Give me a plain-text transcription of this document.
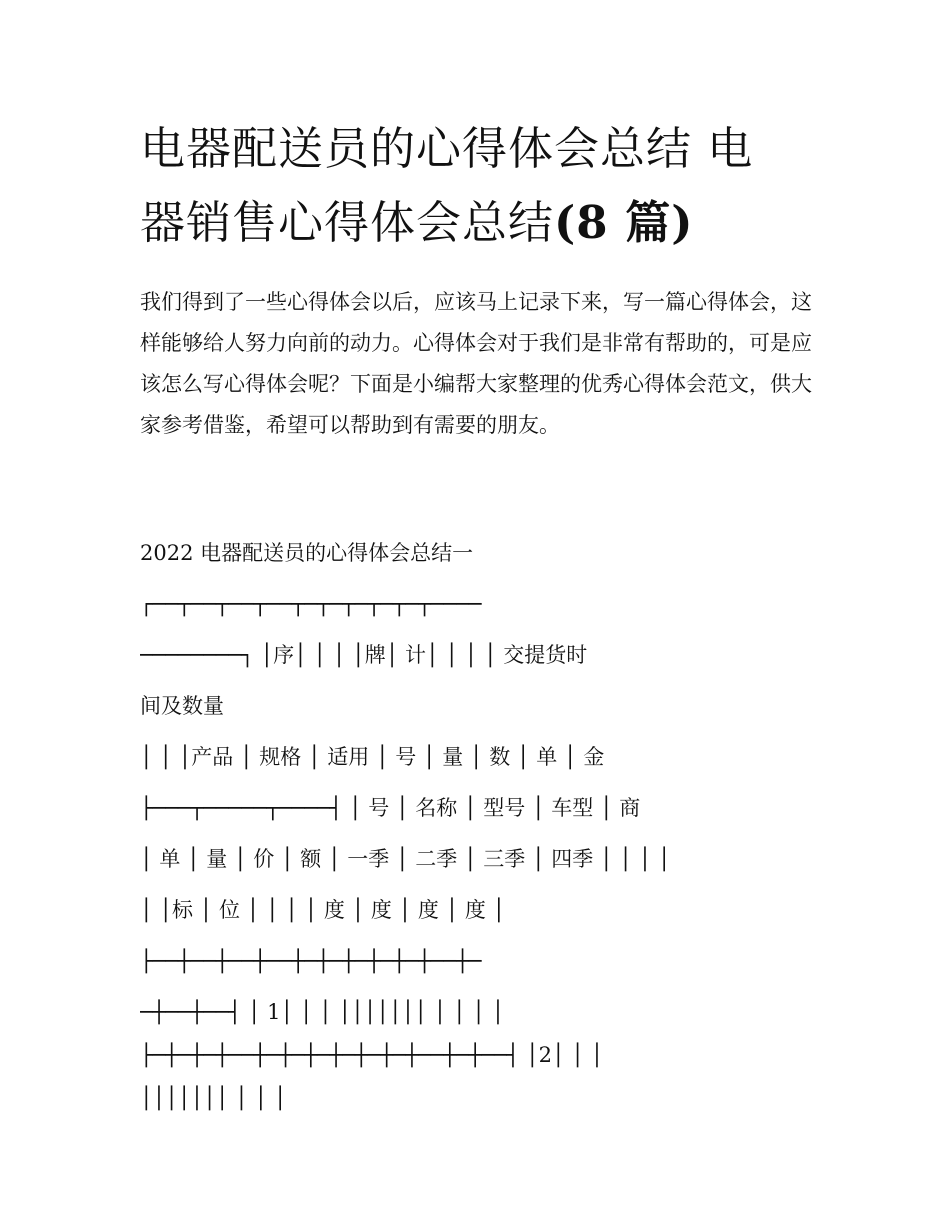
电器配送员的心得体会总结 电
器销售心得体会总结(8 篇)

我们得到了一些心得体会以后，应该马上记录下来，写一篇心得体会，这样能够给人努力向前的动力。心得体会对于我们是非常有帮助的，可是应该怎么写心得体会呢？下面是小编帮大家整理的优秀心得体会范文，供大家参考借鉴，希望可以帮助到有需要的朋友。

2022 电器配送员的心得体会总结一

┌──┬──┬──┬──┬─┬─┬─┬─┬─┬────
────────┐ │序│ │ │ │牌│ 计│ │ │ │ 交提货时
间及数量
│ │ │产品 │ 规格 │ 适用 │ 号 │ 量 │ 数 │ 单 │ 金
├───┬─────┬────┤ │ 号 │ 名称 │ 型号 │ 车型 │ 商
│ 单 │ 量 │ 价 │ 额 │ 一季 │ 二季 │ 三季 │ 四季 │ │ │ │
│ │标 │ 位 │ │ │ │ 度 │ 度 │ 度 │ 度 │
├──┼──┼──┼──┼─┼─┼─┼─┼─┼──┼─
─┼──┼──┤ │ 1│ │ │ │││││││ │ │ │ │
├─┼─┼─┼──┼─┼─┼─┼─┼─┼─┼──┼─┼──┤ │2│ │ │
│││││││ │ │ │
